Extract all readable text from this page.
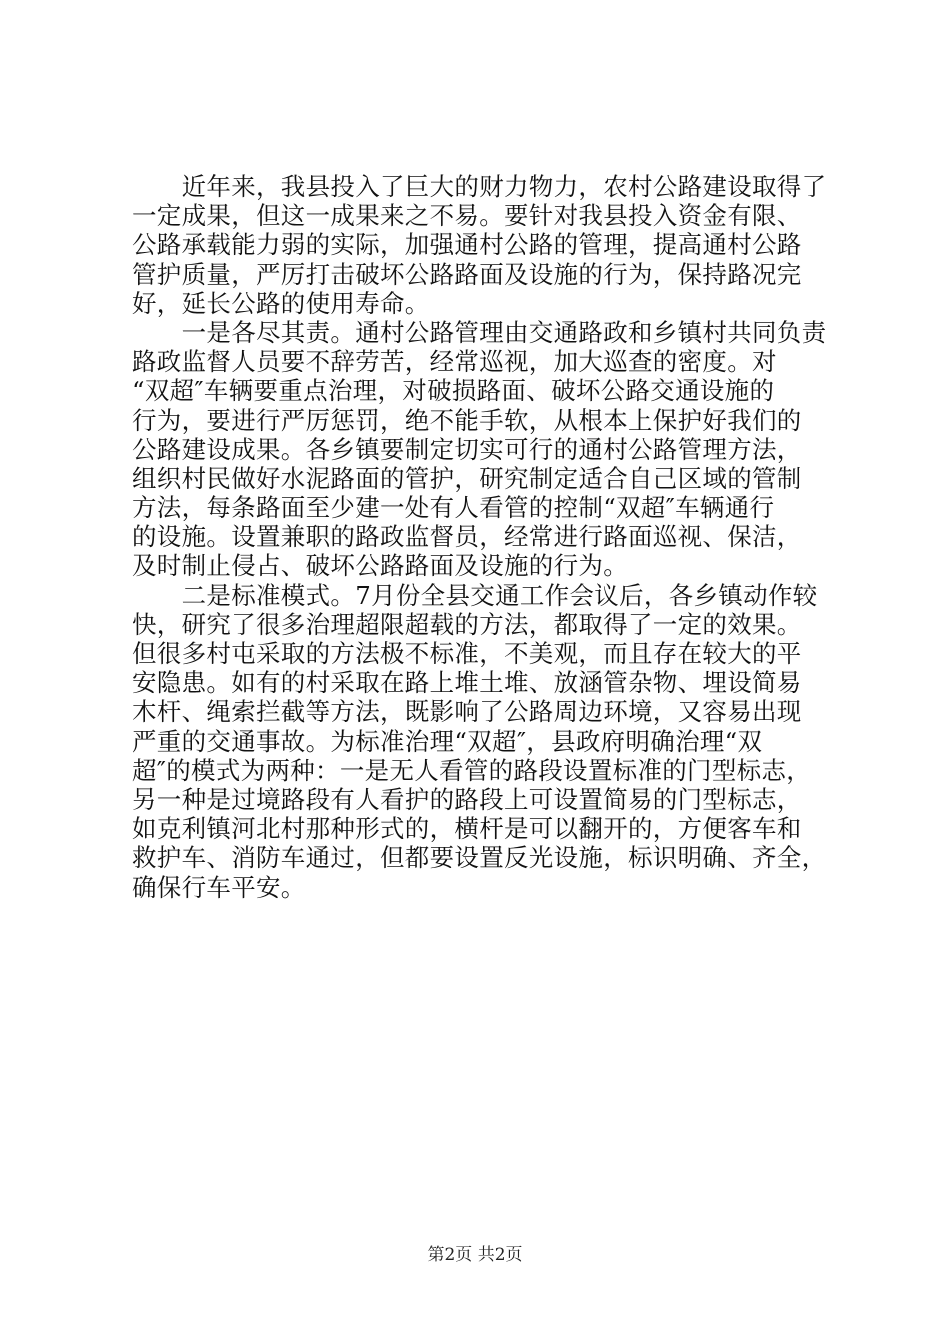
　　近年来，我县投入了巨大的财力物力，农村公路建设取得了
一定成果，但这一成果来之不易。要针对我县投入资金有限、
公路承载能力弱的实际，加强通村公路的管理，提高通村公路
管护质量，严厉打击破坏公路路面及设施的行为，保持路况完
好，延长公路的使用寿命。
　　一是各尽其责。通村公路管理由交通路政和乡镇村共同负责
路政监督人员要不辞劳苦，经常巡视，加大巡查的密度。对
“双超″车辆要重点治理，对破损路面、破坏公路交通设施的
行为，要进行严厉惩罚，绝不能手软，从根本上保护好我们的
公路建设成果。各乡镇要制定切实可行的通村公路管理方法，
组织村民做好水泥路面的管护，研究制定适合自己区域的管制
方法，每条路面至少建一处有人看管的控制“双超″车辆通行
的设施。设置兼职的路政监督员，经常进行路面巡视、保洁，
及时制止侵占、破坏公路路面及设施的行为。
　　二是标准模式。7月份全县交通工作会议后，各乡镇动作较
快，研究了很多治理超限超载的方法，都取得了一定的效果。
但很多村屯采取的方法极不标准，不美观，而且存在较大的平
安隐患。如有的村采取在路上堆土堆、放涵管杂物、埋设简易
木杆、绳索拦截等方法，既影响了公路周边环境，又容易出现
严重的交通事故。为标准治理“双超″，县政府明确治理“双
超″的模式为两种：一是无人看管的路段设置标准的门型标志，
另一种是过境路段有人看护的路段上可设置简易的门型标志，
如克利镇河北村那种形式的，横杆是可以翻开的，方便客车和
救护车、消防车通过，但都要设置反光设施，标识明确、齐全，
确保行车平安。
第2页 共2页
